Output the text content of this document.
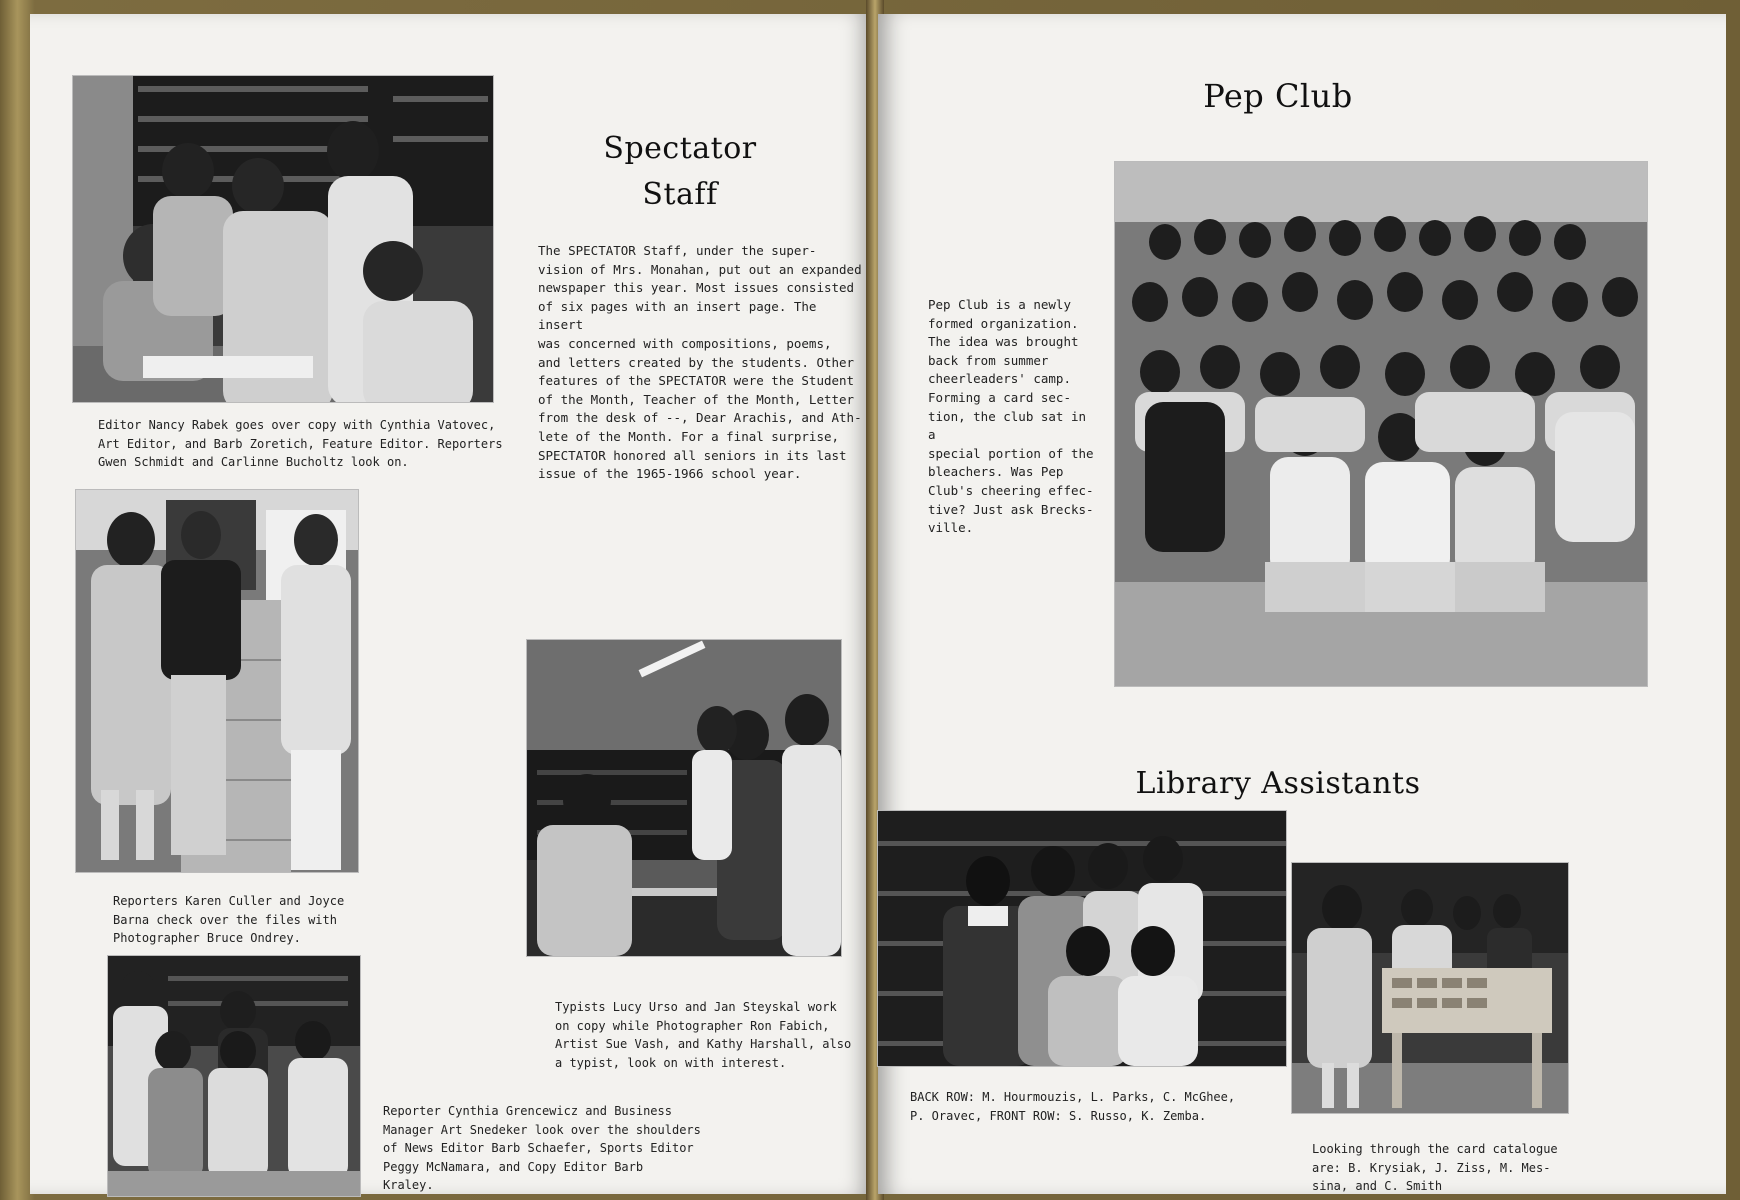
Editor Nancy Rabek goes over copy with Cynthia Vatovec,
Art Editor, and Barb Zoretich, Feature Editor. Reporters
Gwen Schmidt and Carlinne Bucholtz look on.

Spectator
Staff

The SPECTATOR Staff, under the super-
vision of Mrs. Monahan, put out an expanded
newspaper this year. Most issues consisted
of six pages with an insert page. The insert
was concerned with compositions, poems,
and letters created by the students. Other
features of the SPECTATOR were the Student
of the Month, Teacher of the Month, Letter
from the desk of --, Dear Arachis, and Ath-
lete of the Month. For a final surprise,
SPECTATOR honored all seniors in its last
issue of the 1965-1966 school year.

Reporters Karen Culler and Joyce
Barna check over the files with
Photographer Bruce Ondrey.

Typists Lucy Urso and Jan Steyskal work
on copy while Photographer Ron Fabich,
Artist Sue Vash, and Kathy Harshall, also
a typist, look on with interest.

Reporter Cynthia Grencewicz and Business
Manager Art Snedeker look over the shoulders
of News Editor Barb Schaefer, Sports Editor
Peggy McNamara, and Copy Editor Barb
Kraley.

Pep Club

Pep Club is a newly
formed organization.
The idea was brought
back from summer
cheerleaders' camp.
Forming a card sec-
tion, the club sat in a
special portion of the
bleachers. Was Pep
Club's cheering effec-
tive? Just ask Brecks-
ville.

Library Assistants

BACK ROW: M. Hourmouzis, L. Parks, C. McGhee,
P. Oravec, FRONT ROW: S. Russo, K. Zemba.

Looking through the card catalogue
are: B. Krysiak, J. Ziss, M. Mes-
sina, and C. Smith
